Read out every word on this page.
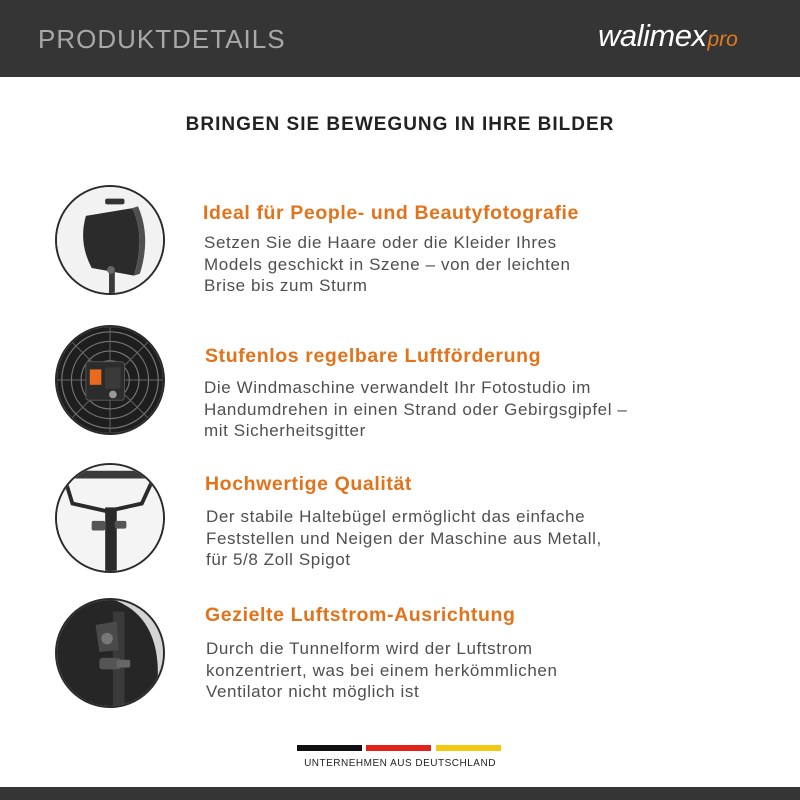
PRODUKTDETAILS	walimexpro
BRINGEN SIE BEWEGUNG IN IHRE BILDER
Ideal für People- und Beautyfotografie
Setzen Sie die Haare oder die Kleider Ihres
Models geschickt in Szene – von der leichten
Brise bis zum Sturm
Stufenlos regelbare Luftförderung
Die Windmaschine verwandelt Ihr Fotostudio im
Handumdrehen in einen Strand oder Gebirgsgipfel –
mit Sicherheitsgitter
Hochwertige Qualität
Der stabile Haltebügel ermöglicht das einfache
Feststellen und Neigen der Maschine aus Metall,
für 5/8 Zoll Spigot
Gezielte Luftstrom-Ausrichtung
Durch die Tunnelform wird der Luftstrom
konzentriert, was bei einem herkömmlichen
Ventilator nicht möglich ist
UNTERNEHMEN AUS DEUTSCHLAND
